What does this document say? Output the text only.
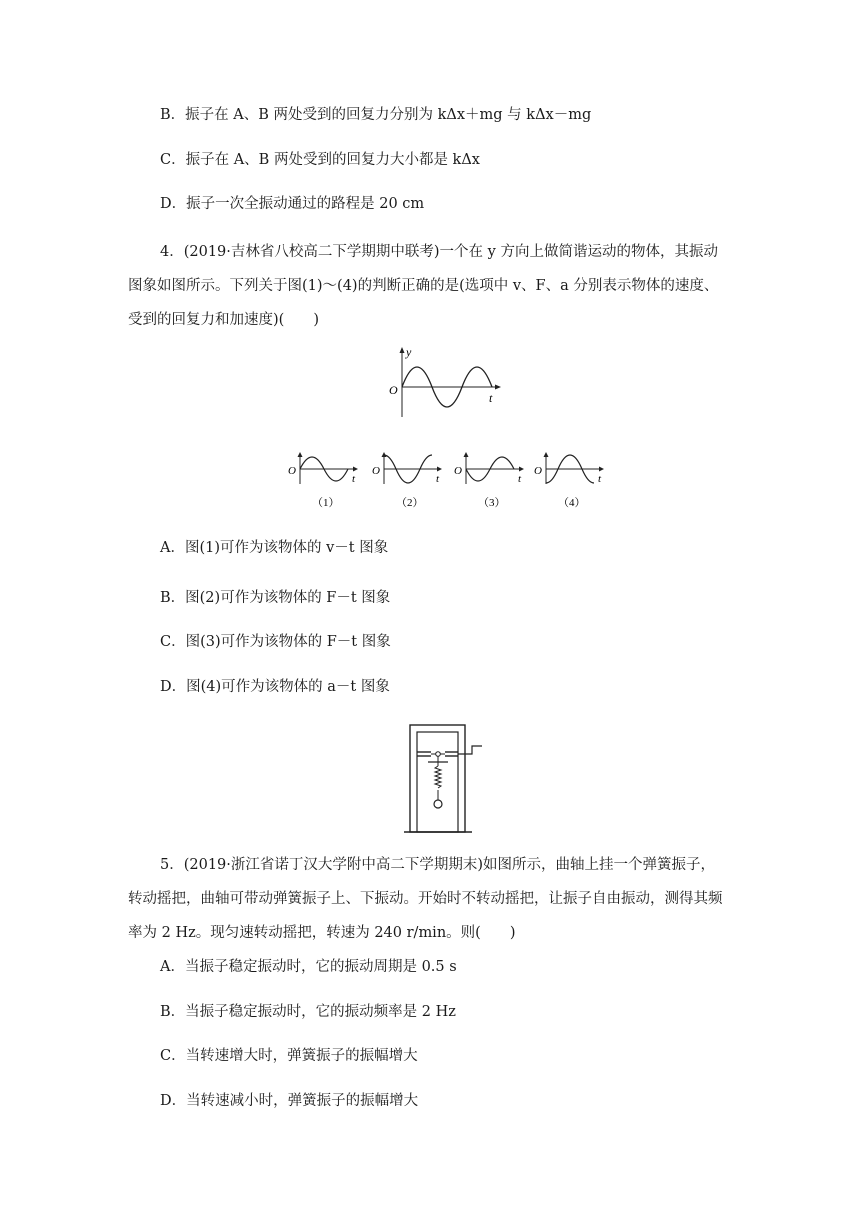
B．振子在 A、B 两处受到的回复力分别为 kΔx＋mg 与 kΔx－mg
C．振子在 A、B 两处受到的回复力大小都是 kΔx
D．振子一次全振动通过的路程是 20 cm
4．(2019·吉林省八校高二下学期期中联考)一个在 y 方向上做简谐运动的物体，其振动图象如图所示。下列关于图(1)～(4)的判断正确的是(选项中 v、F、a 分别表示物体的速度、受到的回复力和加速度)(　　)
y
O
t
O
t
（1）
O
t
（2）
O
t
（3）
O
t
（4）
A．图(1)可作为该物体的 v－t 图象
B．图(2)可作为该物体的 F－t 图象
C．图(3)可作为该物体的 F－t 图象
D．图(4)可作为该物体的 a－t 图象
5．(2019·浙江省诺丁汉大学附中高二下学期期末)如图所示，曲轴上挂一个弹簧振子，转动摇把，曲轴可带动弹簧振子上、下振动。开始时不转动摇把，让振子自由振动，测得其频率为 2 Hz。现匀速转动摇把，转速为 240 r/min。则(　　)
A．当振子稳定振动时，它的振动周期是 0.5 s
B．当振子稳定振动时，它的振动频率是 2 Hz
C．当转速增大时，弹簧振子的振幅增大
D．当转速减小时，弹簧振子的振幅增大
